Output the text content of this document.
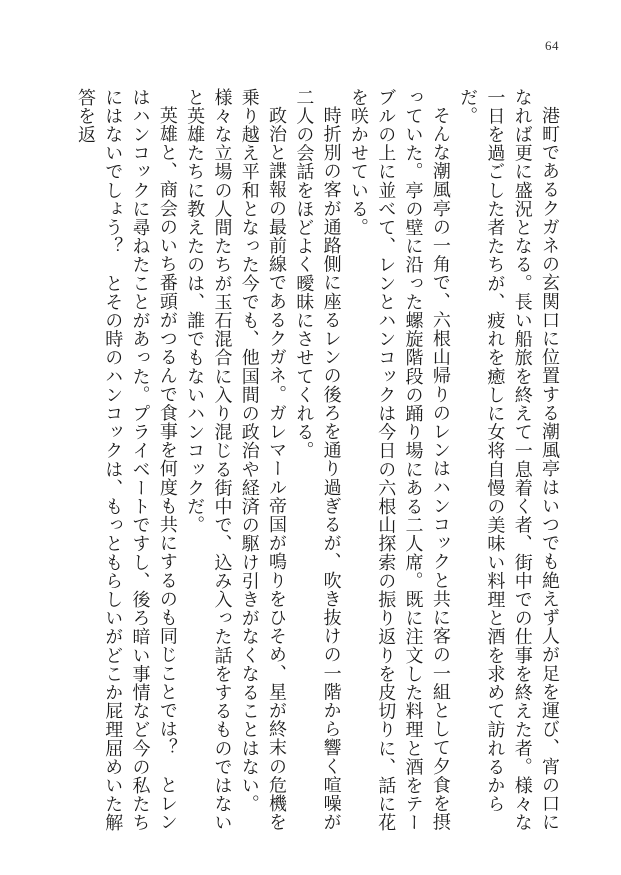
64

港町であるクガネの玄関口に位置する潮風亭はいつでも絶えず人が足を運び、宵の口になれば更に盛況となる。長い船旅を終えて一息着く者、街中での仕事を終えた者。様々な一日を過ごした者たちが、疲れを癒しに女将自慢の美味い料理と酒を求めて訪れるからだ。

そんな潮風亭の一角で、六根山帰りのレンはハンコックと共に客の一組として夕食を摂っていた。亭の壁に沿った螺旋階段の踊り場にある二人席。既に注文した料理と酒をテーブルの上に並べて、レンとハンコックは今日の六根山探索の振り返りを皮切りに、話に花を咲かせている。

時折別の客が通路側に座るレンの後ろを通り過ぎるが、吹き抜けの一階から響く喧噪が二人の会話をほどよく曖昧にさせてくれる。

政治と諜報の最前線であるクガネ。ガレマール帝国が鳴りをひそめ、星が終末の危機を乗り越え平和となった今でも、他国間の政治や経済の駆け引きがなくなることはない。様々な立場の人間たちが玉石混合に入り混じる街中で、込み入った話をするものではないと英雄たちに教えたのは、誰でもないハンコックだ。

英雄と、商会のいち番頭がつるんで食事を何度も共にするのも同じことでは？　とレンはハンコックに尋ねたことがあった。プライベートですし、後ろ暗い事情など今の私たちにはないでしょう？　とその時のハンコックは、もっともらしいがどこか屁理屈めいた解答を返
